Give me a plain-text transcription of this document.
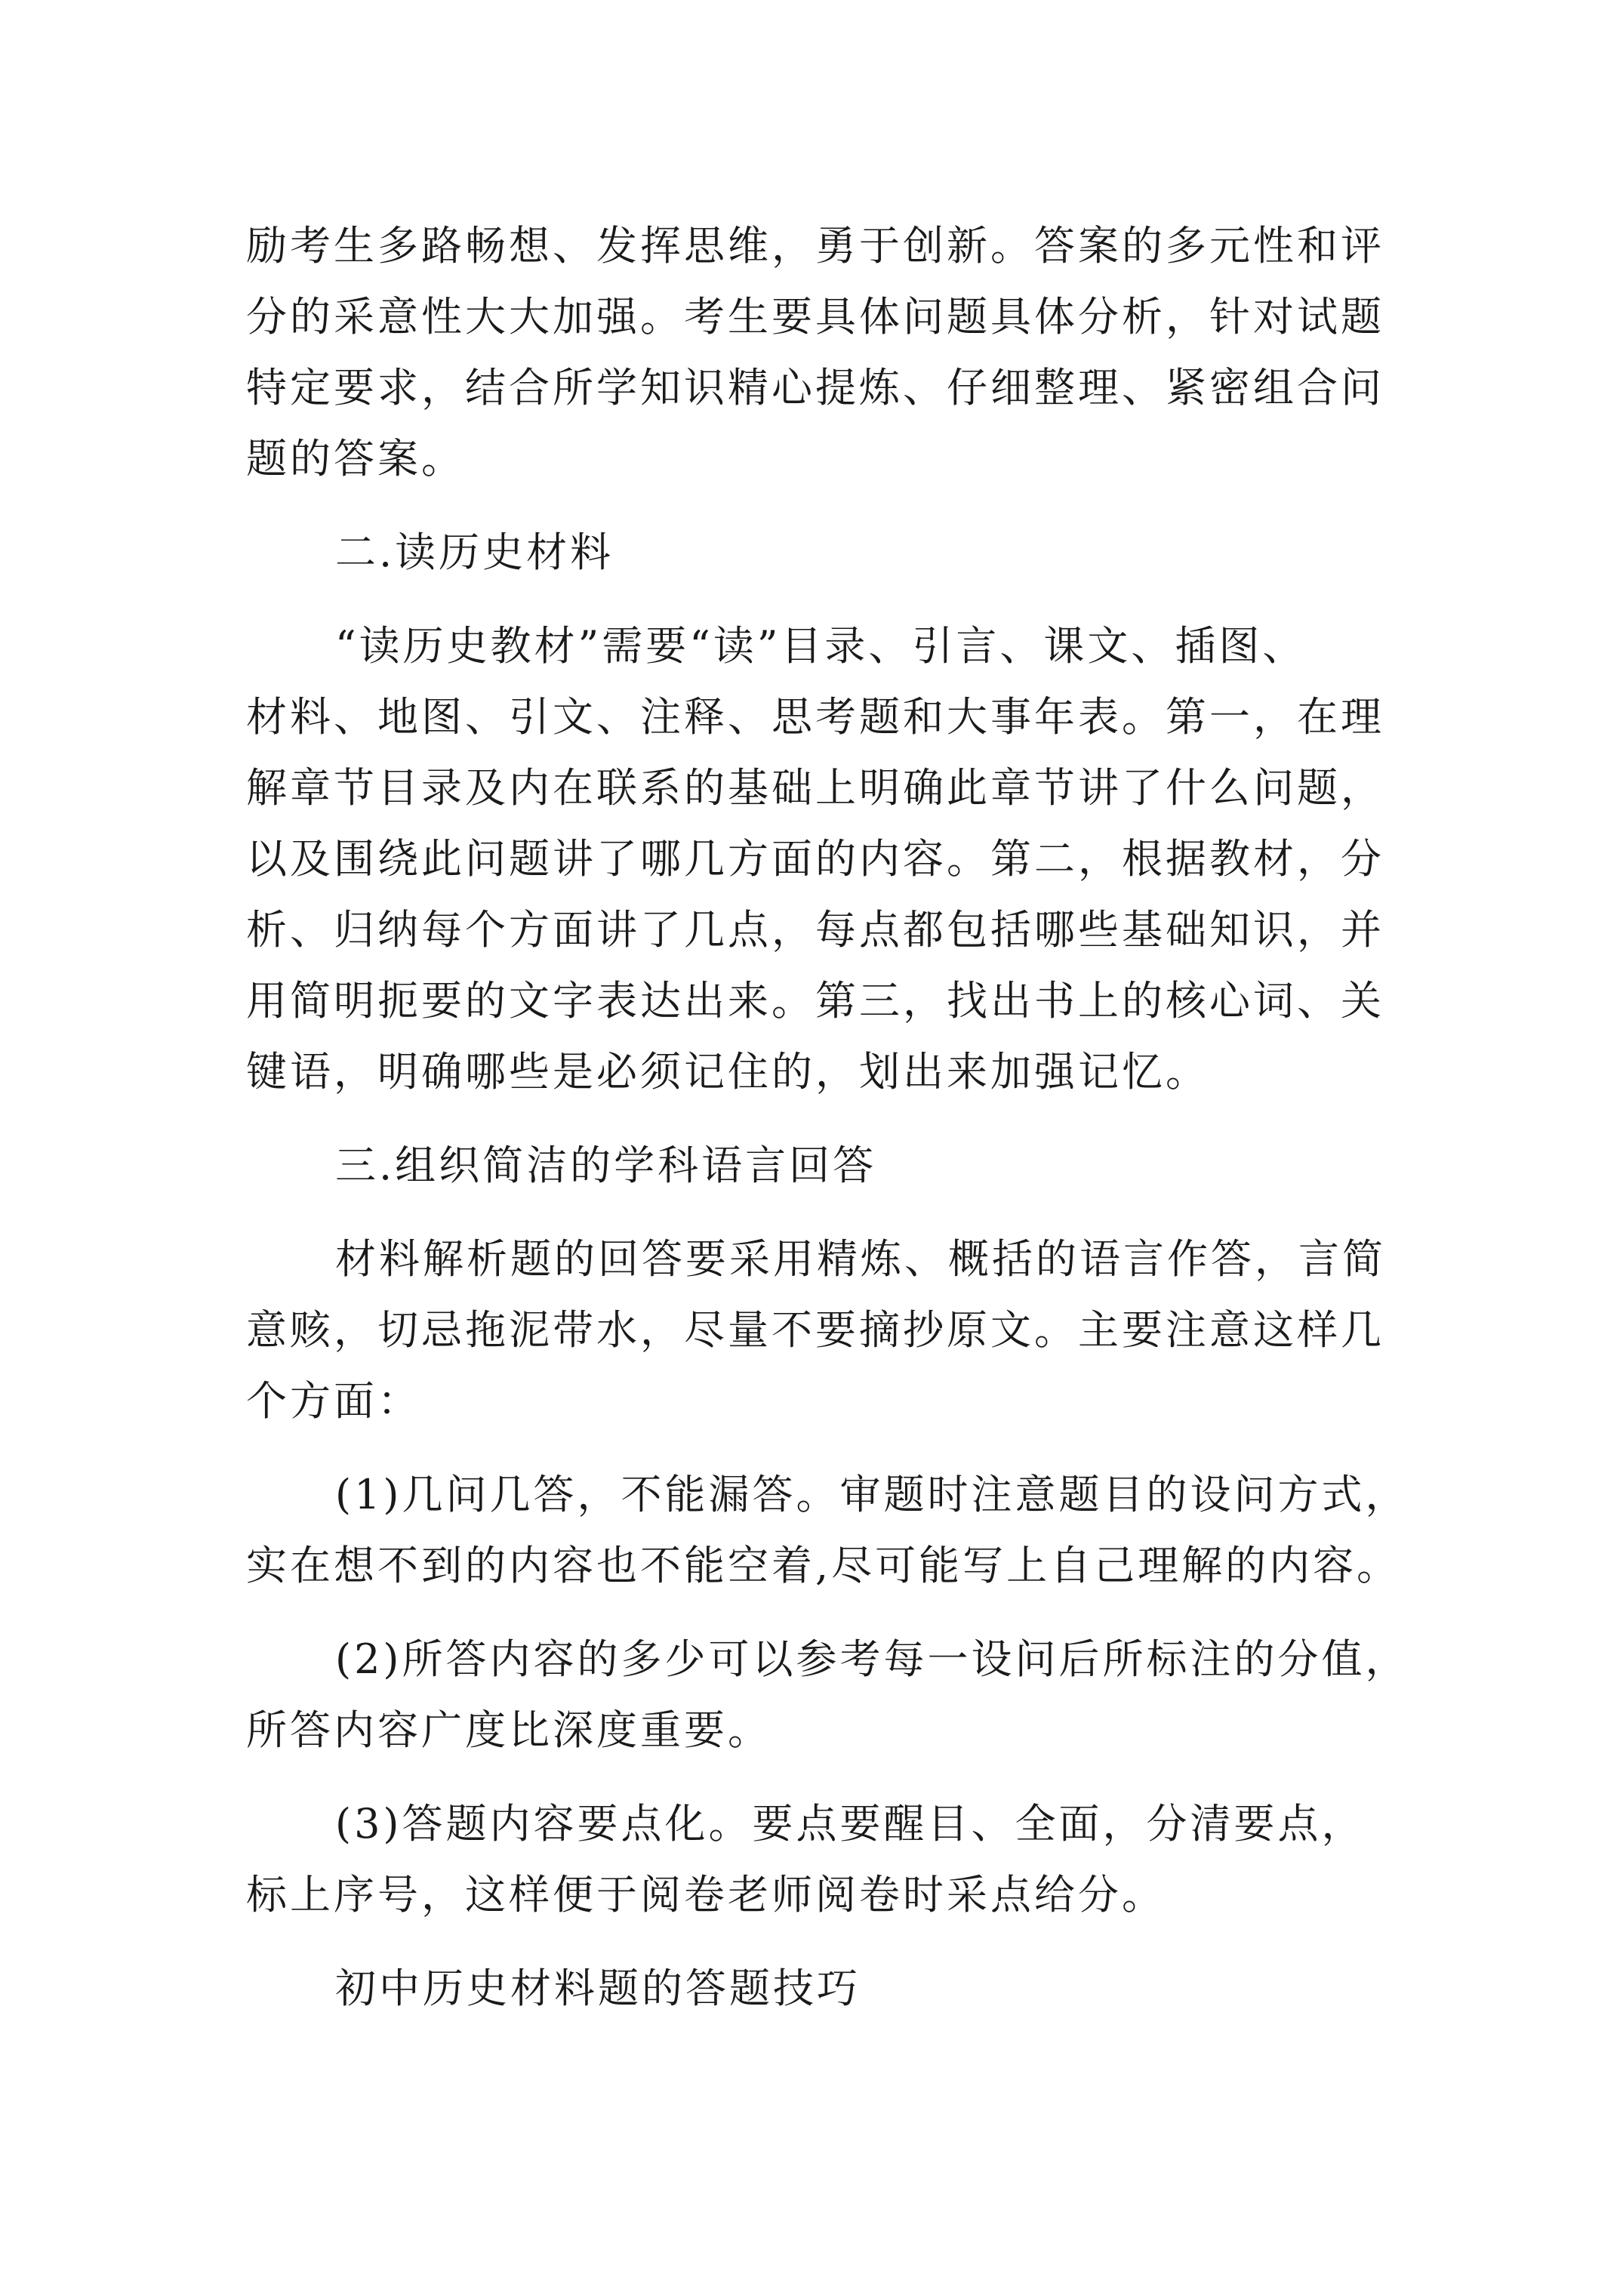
励考生多路畅想、发挥思维，勇于创新。答案的多元性和评
分的采意性大大加强。考生要具体问题具体分析，针对试题
特定要求，结合所学知识精心提炼、仔细整理、紧密组合问
题的答案。
二.读历史材料
“读历史教材”需要“读”目录、引言、课文、插图、
材料、地图、引文、注释、思考题和大事年表。第一，在理
解章节目录及内在联系的基础上明确此章节讲了什么问题，
以及围绕此问题讲了哪几方面的内容。第二，根据教材，分
析、归纳每个方面讲了几点，每点都包括哪些基础知识，并
用简明扼要的文字表达出来。第三，找出书上的核心词、关
键语，明确哪些是必须记住的，划出来加强记忆。
三.组织简洁的学科语言回答
材料解析题的回答要采用精炼、概括的语言作答，言简
意赅，切忌拖泥带水，尽量不要摘抄原文。主要注意这样几
个方面：
(1)几问几答，不能漏答。审题时注意题目的设问方式，
实在想不到的内容也不能空着,尽可能写上自己理解的内容。
(2)所答内容的多少可以参考每一设问后所标注的分值，
所答内容广度比深度重要。
(3)答题内容要点化。要点要醒目、全面，分清要点，
标上序号，这样便于阅卷老师阅卷时采点给分。
初中历史材料题的答题技巧
